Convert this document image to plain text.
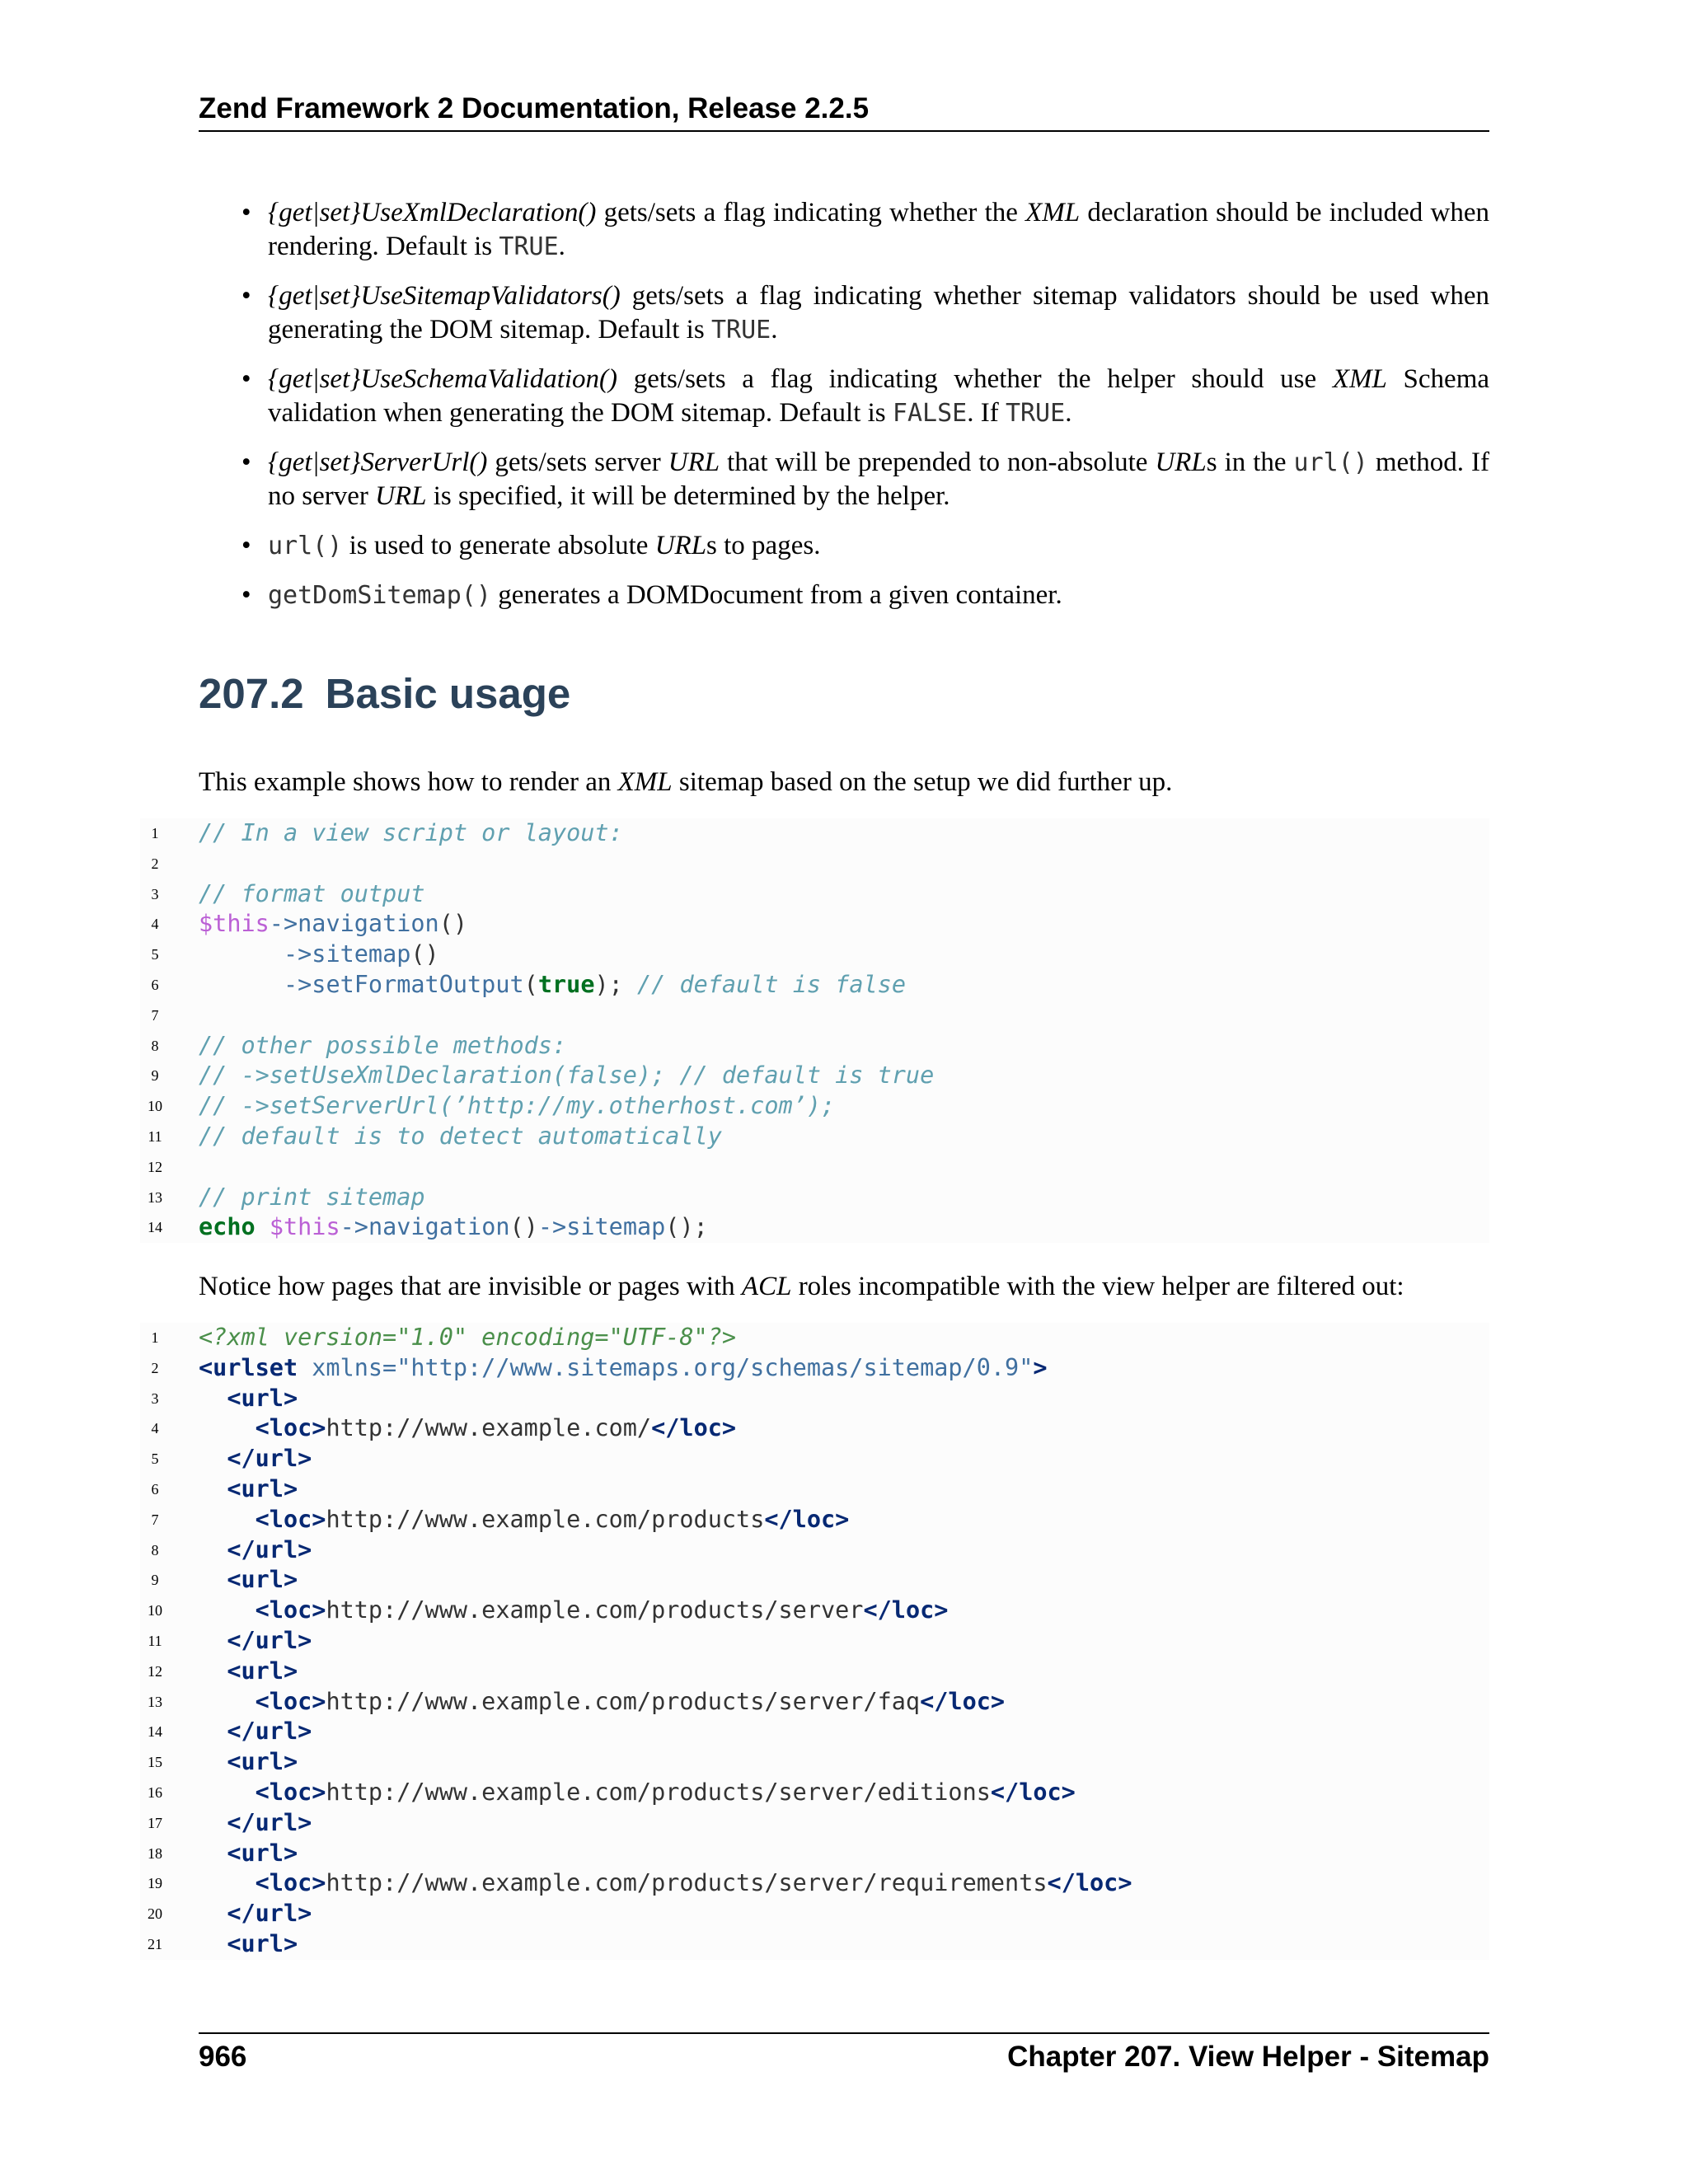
Zend Framework 2 Documentation, Release 2.2.5
• {get|set}UseXmlDeclaration() gets/sets a flag indicating whether the XML declaration should be included when rendering. Default is TRUE.
• {get|set}UseSitemapValidators() gets/sets a flag indicating whether sitemap validators should be used when generating the DOM sitemap. Default is TRUE.
• {get|set}UseSchemaValidation() gets/sets a flag indicating whether the helper should use XML Schema validation when generating the DOM sitemap. Default is FALSE. If TRUE.
• {get|set}ServerUrl() gets/sets server URL that will be prepended to non-absolute URLs in the url() method. If no server URL is specified, it will be determined by the helper.
• url() is used to generate absolute URLs to pages.
• getDomSitemap() generates a DOMDocument from a given container.
207.2 Basic usage

This example shows how to render an XML sitemap based on the setup we did further up.

1	// In a view script or layout:
2
3	// format output
4	$this->navigation()
5	->sitemap()
6	->setFormatOutput(true); // default is false
7
8	// other possible methods:
9	// ->setUseXmlDeclaration(false); // default is true
10	// ->setServerUrl(’http://my.otherhost.com’);
11	// default is to detect automatically
12
13	// print sitemap
14	echo $this->navigation()->sitemap();

Notice how pages that are invisible or pages with ACL roles incompatible with the view helper are filtered out:

1	<?xml version="1.0" encoding="UTF-8"?>
2	<urlset xmlns="http://www.sitemaps.org/schemas/sitemap/0.9">
3	<url>
4	<loc>http://www.example.com/</loc>
5	</url>
6	<url>
7	<loc>http://www.example.com/products</loc>
8	</url>
9	<url>
10	<loc>http://www.example.com/products/server</loc>
11	</url>
12	<url>
13	<loc>http://www.example.com/products/server/faq</loc>
14	</url>
15	<url>
16	<loc>http://www.example.com/products/server/editions</loc>
17	</url>
18	<url>
19	<loc>http://www.example.com/products/server/requirements</loc>
20	</url>
21	<url>
966	Chapter 207. View Helper - Sitemap
